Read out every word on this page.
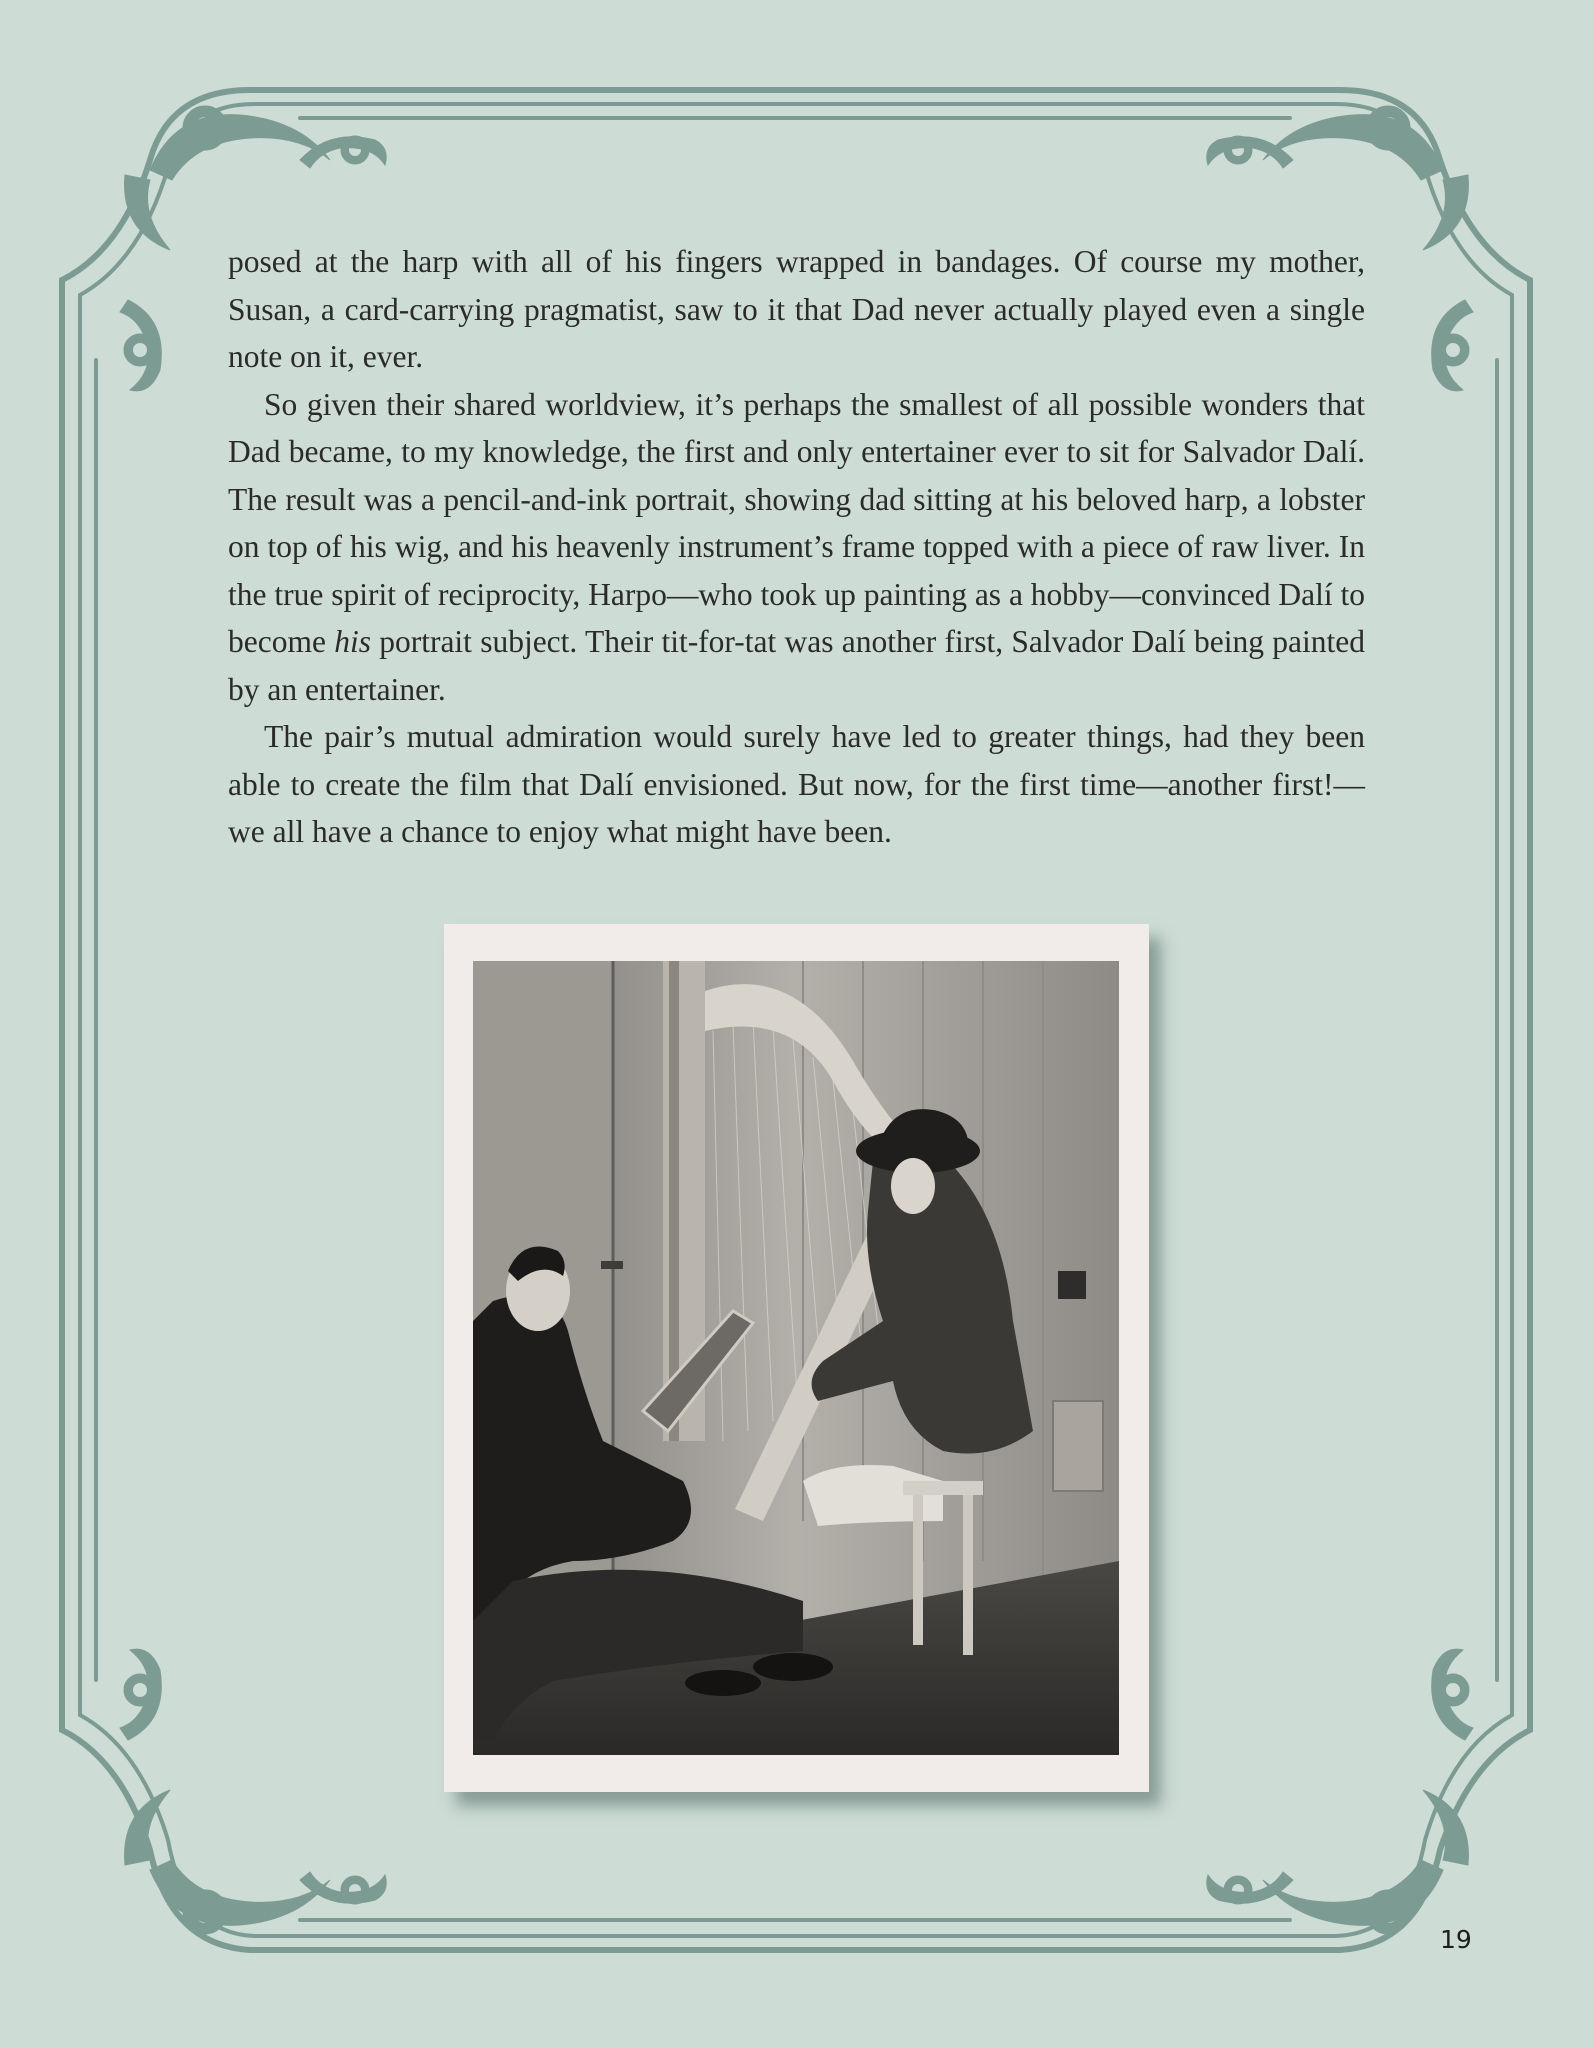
posed at the harp with all of his fingers wrapped in bandages. Of course my mother, Susan, a card-carrying pragmatist, saw to it that Dad never actually played even a single note on it, ever.

So given their shared worldview, it’s perhaps the smallest of all possible wonders that Dad became, to my knowledge, the first and only entertainer ever to sit for Salvador Dalí. The result was a pencil-and-ink portrait, showing dad sitting at his beloved harp, a lobster on top of his wig, and his heavenly instrument’s frame topped with a piece of raw liver. In the true spirit of reciprocity, Harpo—who took up painting as a hobby—convinced Dalí to become his portrait subject. Their tit-for-tat was another first, Salvador Dalí being painted by an entertainer.

The pair’s mutual admiration would surely have led to greater things, had they been able to create the film that Dalí envisioned. But now, for the first time—another first!—we all have a chance to enjoy what might have been.

19
